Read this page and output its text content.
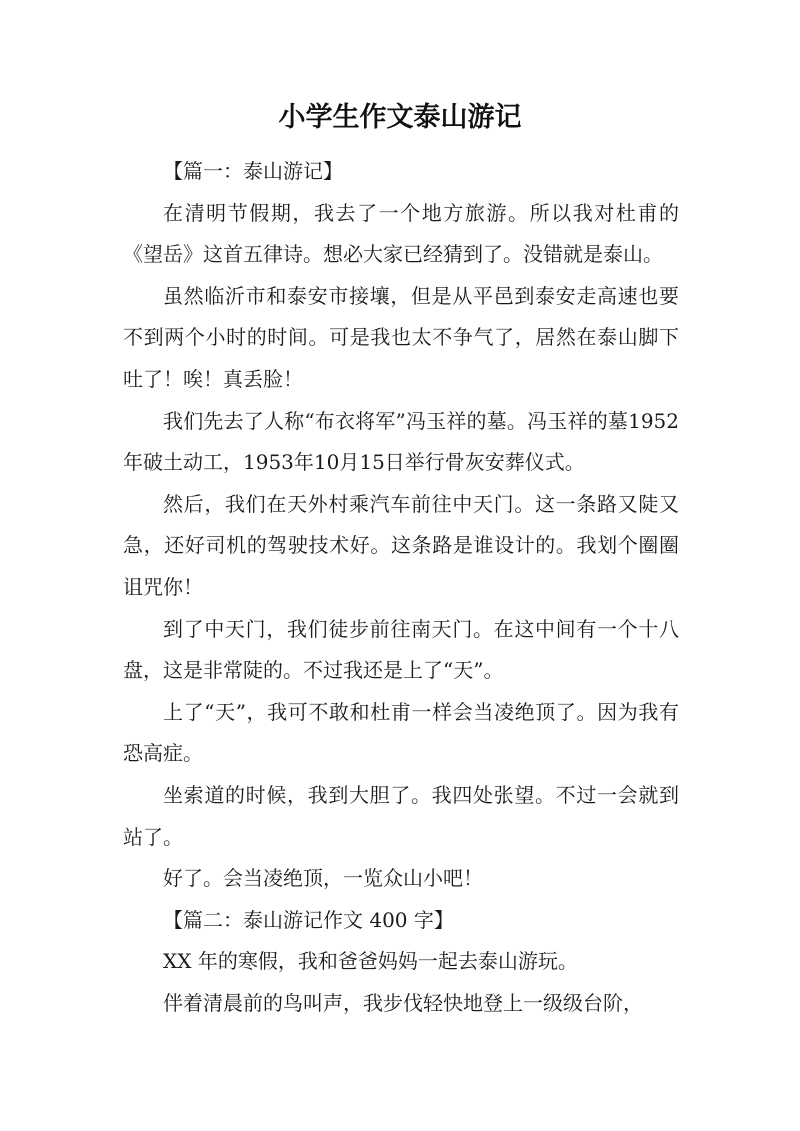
小学生作文泰山游记

【篇一：泰山游记】

在清明节假期，我去了一个地方旅游。所以我对杜甫的《望岳》这首五律诗。想必大家已经猜到了。没错就是泰山。

虽然临沂市和泰安市接壤，但是从平邑到泰安走高速也要不到两个小时的时间。可是我也太不争气了，居然在泰山脚下吐了！唉！真丢脸！

我们先去了人称“布衣将军”冯玉祥的墓。冯玉祥的墓1952年破土动工，1953年10月15日举行骨灰安葬仪式。

然后，我们在天外村乘汽车前往中天门。这一条路又陡又急，还好司机的驾驶技术好。这条路是谁设计的。我划个圈圈诅咒你！

到了中天门，我们徒步前往南天门。在这中间有一个十八盘，这是非常陡的。不过我还是上了“天”。

上了“天”，我可不敢和杜甫一样会当凌绝顶了。因为我有恐高症。

坐索道的时候，我到大胆了。我四处张望。不过一会就到站了。

好了。会当凌绝顶，一览众山小吧！

【篇二：泰山游记作文 400 字】

XX 年的寒假，我和爸爸妈妈一起去泰山游玩。

伴着清晨前的鸟叫声，我步伐轻快地登上一级级台阶，
